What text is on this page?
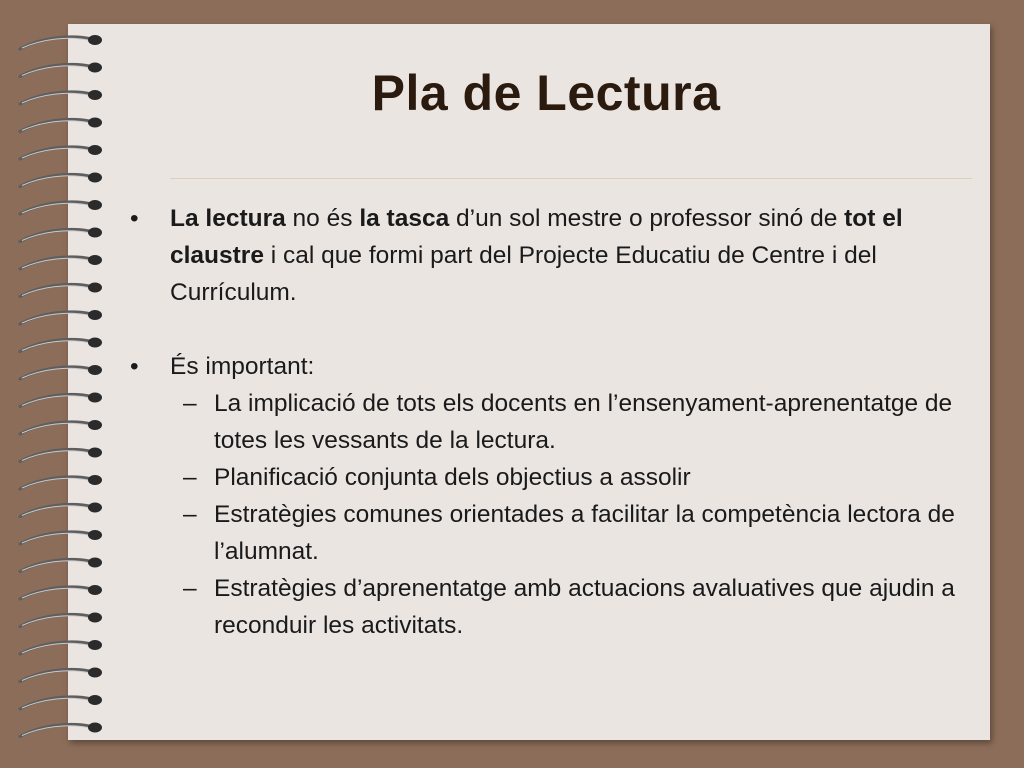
Pla de Lectura

• La lectura no és la tasca d’un sol mestre o professor sinó de tot el claustre i cal que formi part del Projecte Educatiu de Centre i del Currículum.

• És important:

– La implicació de tots els docents en l’ensenyament-aprenentatge de totes les vessants de la lectura.

– Planificació conjunta dels objectius a assolir

– Estratègies comunes orientades a facilitar la competència lectora de l’alumnat.

– Estratègies d’aprenentatge amb actuacions avaluatives que ajudin a reconduir les activitats.
